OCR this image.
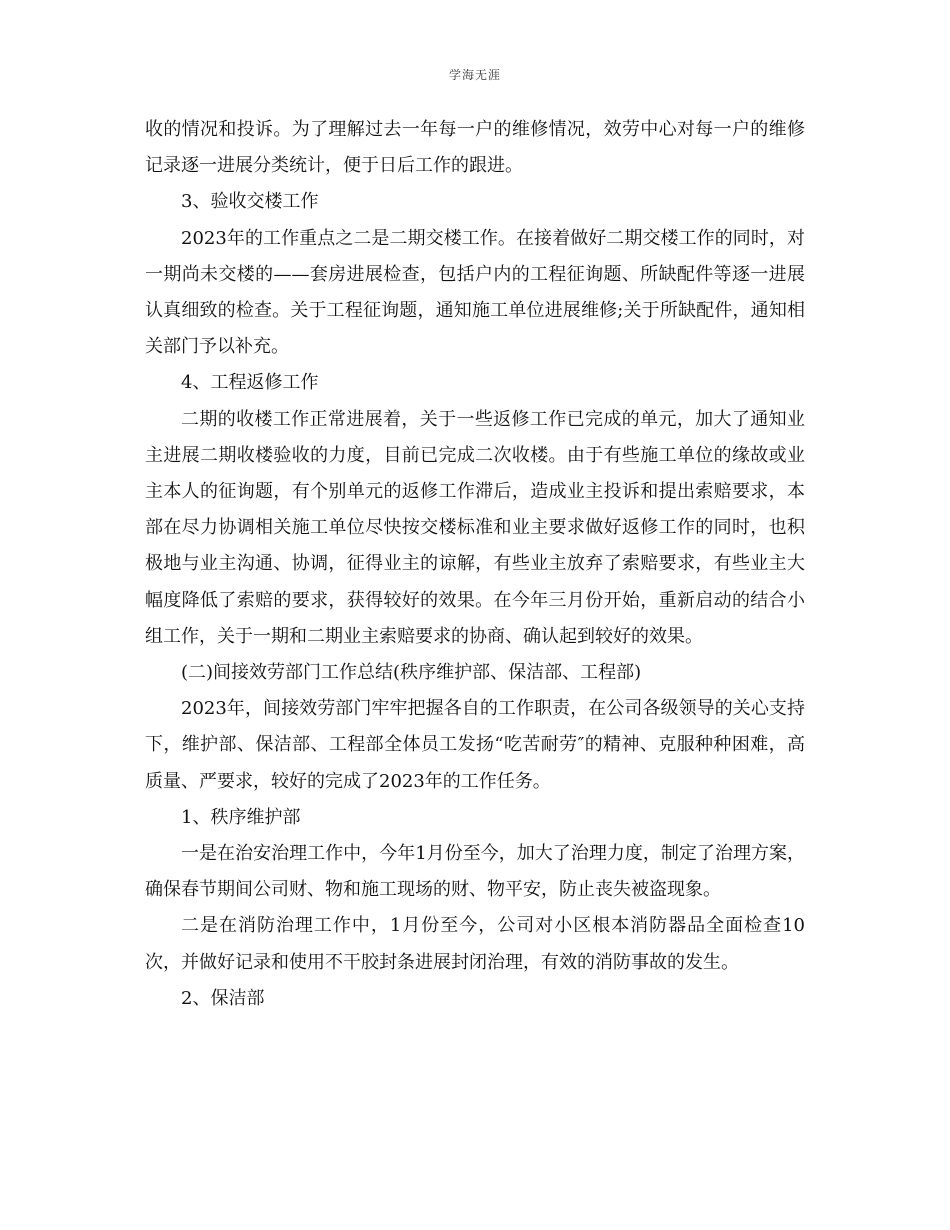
学海无涯

收的情况和投诉。为了理解过去一年每一户的维修情况，效劳中心对每一户的维修记录逐一进展分类统计，便于日后工作的跟进。

3、验收交楼工作

2023年的工作重点之二是二期交楼工作。在接着做好二期交楼工作的同时，对一期尚未交楼的——套房进展检查，包括户内的工程征询题、所缺配件等逐一进展认真细致的检查。关于工程征询题，通知施工单位进展维修;关于所缺配件，通知相关部门予以补充。

4、工程返修工作

二期的收楼工作正常进展着，关于一些返修工作已完成的单元，加大了通知业主进展二期收楼验收的力度，目前已完成二次收楼。由于有些施工单位的缘故或业主本人的征询题，有个别单元的返修工作滞后，造成业主投诉和提出索赔要求，本部在尽力协调相关施工单位尽快按交楼标准和业主要求做好返修工作的同时，也积极地与业主沟通、协调，征得业主的谅解，有些业主放弃了索赔要求，有些业主大幅度降低了索赔的要求，获得较好的效果。在今年三月份开始，重新启动的结合小组工作，关于一期和二期业主索赔要求的协商、确认起到较好的效果。

(二)间接效劳部门工作总结(秩序维护部、保洁部、工程部)

2023年，间接效劳部门牢牢把握各自的工作职责，在公司各级领导的关心支持下，维护部、保洁部、工程部全体员工发扬“吃苦耐劳″的精神、克服种种困难，高质量、严要求，较好的完成了2023年的工作任务。

1、秩序维护部

一是在治安治理工作中，今年1月份至今，加大了治理力度，制定了治理方案，确保春节期间公司财、物和施工现场的财、物平安，防止丧失被盗现象。

二是在消防治理工作中，1月份至今，公司对小区根本消防器品全面检查10次，并做好记录和使用不干胶封条进展封闭治理，有效的消防事故的发生。

2、保洁部
